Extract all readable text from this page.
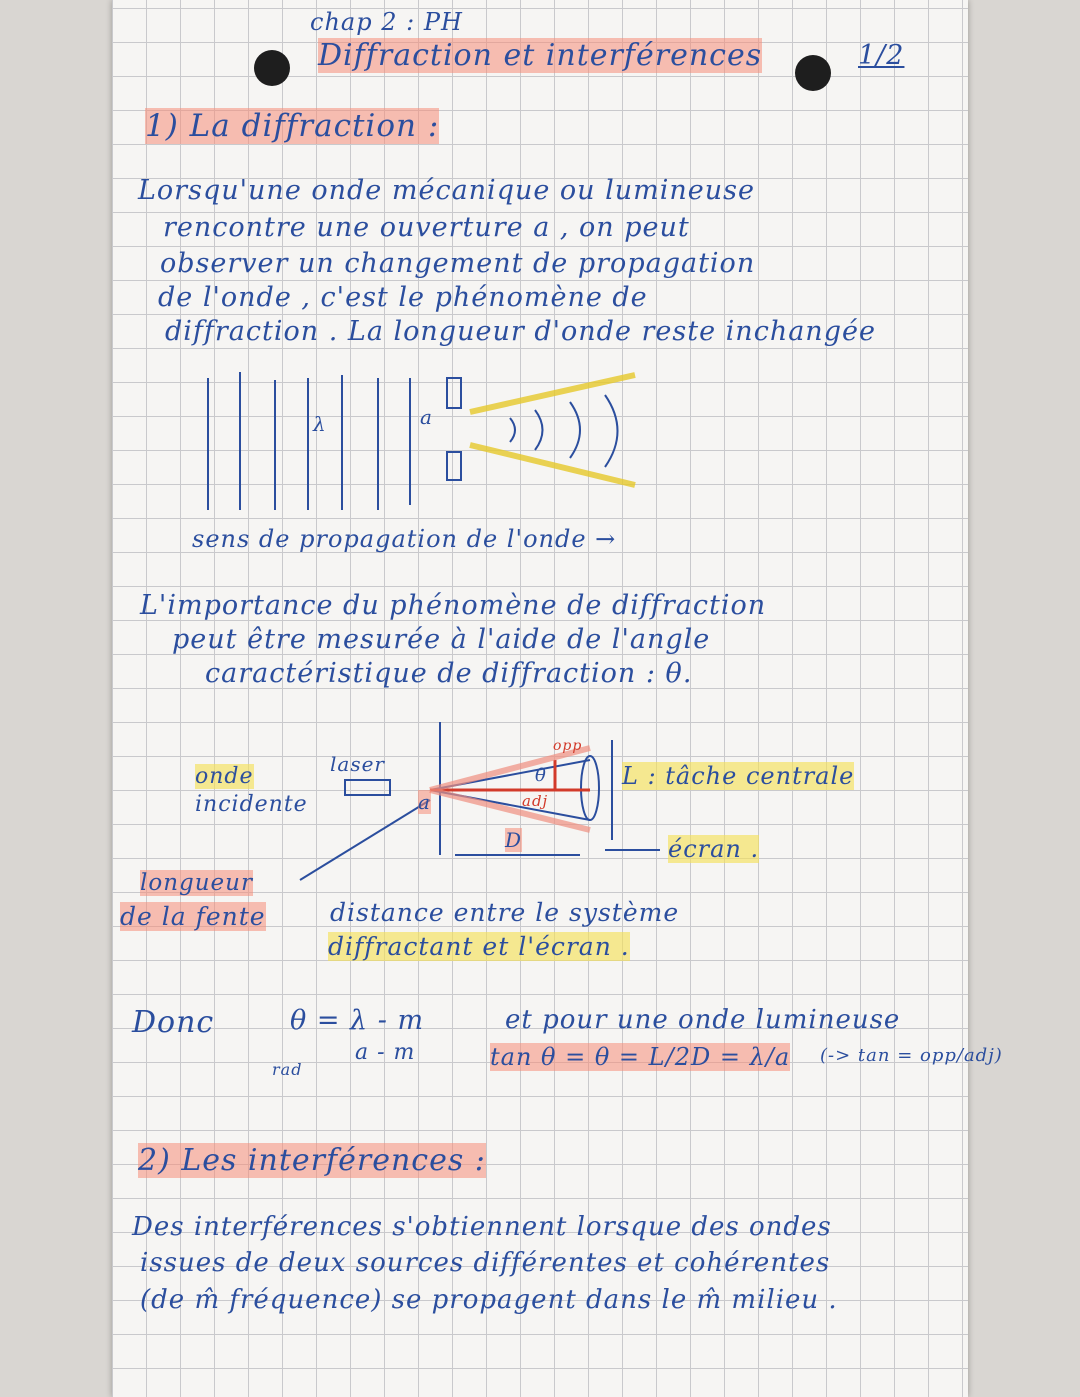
chap 2 : PH
Diffraction et interférences	1/2
1) La diffraction :
Lorsqu'une onde mécanique ou lumineuse
rencontre une ouverture a , on peut
observer un changement de propagation
de l'onde , c'est le phénomène de
diffraction . La longueur d'onde reste inchangée
λ	a
sens de propagation de l'onde →
L'importance du phénomène de diffraction
peut être mesurée à l'aide de l'angle
caractéristique de diffraction : θ.
onde
incidente
laser
a
opp
θ
adj
L : tâche centrale
D	écran .
longueur
de la fente	distance entre le système
diffractant et l'écran .
Donc	θ = λ - m
a - m
rad
et pour une onde lumineuse
tan θ = θ = L/2D = λ/a (-> tan = opp/adj)
2) Les interférences :
Des interférences s'obtiennent lorsque des ondes
issues de deux sources différentes et cohérentes
(de m̂ fréquence) se propagent dans le m̂ milieu .
